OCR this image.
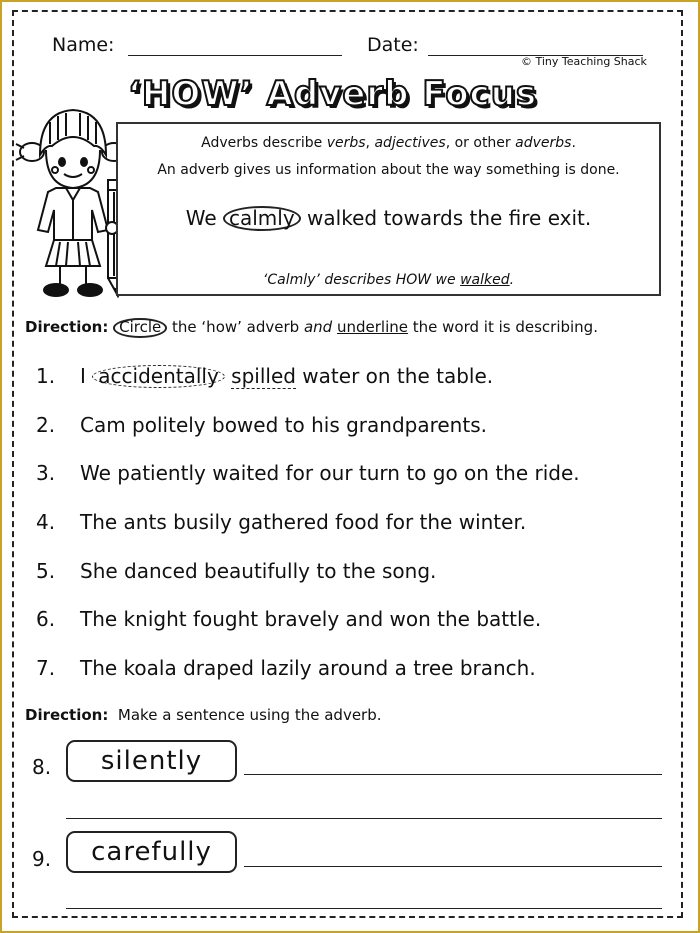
Name:	Date:
© Tiny Teaching Shack
‘HOW’ Adverb Focus
Adverbs describe verbs, adjectives, or other adverbs.
An adverb gives us information about the way something is done.
We calmly walked towards the fire exit.
‘Calmly’ describes HOW we walked.
Direction: Circle the ‘how’ adverb and underline the word it is describing.
1. I accidentally spilled water on the table.
2. Cam politely bowed to his grandparents.
3. We patiently waited for our turn to go on the ride.
4. The ants busily gathered food for the winter.
5. She danced beautifully to the song.
6. The knight fought bravely and won the battle.
7. The koala draped lazily around a tree branch.
Direction: Make a sentence using the adverb.
8.	silently
9.	carefully
